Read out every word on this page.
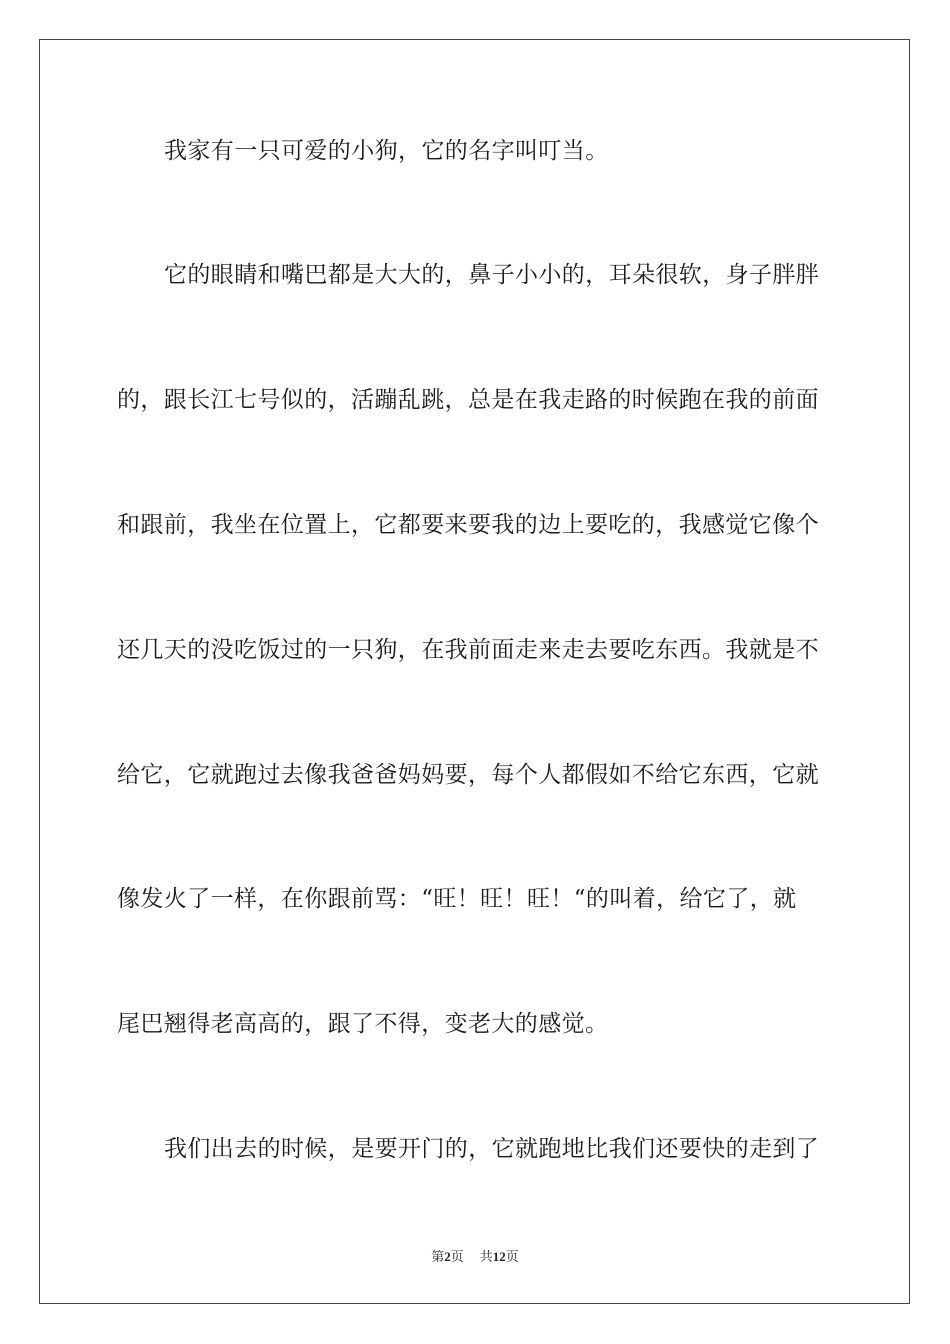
我家有一只可爱的小狗，它的名字叫叮当。
它的眼睛和嘴巴都是大大的，鼻子小小的，耳朵很软，身子胖胖
的，跟长江七号似的，活蹦乱跳，总是在我走路的时候跑在我的前面
和跟前，我坐在位置上，它都要来要我的边上要吃的，我感觉它像个
还几天的没吃饭过的一只狗，在我前面走来走去要吃东西。我就是不
给它，它就跑过去像我爸爸妈妈要，每个人都假如不给它东西，它就
像发火了一样，在你跟前骂：“旺！旺！旺！“的叫着，给它了，就
尾巴翘得老高高的，跟了不得，变老大的感觉。
我们出去的时候，是要开门的，它就跑地比我们还要快的走到了
第2页 共12页
